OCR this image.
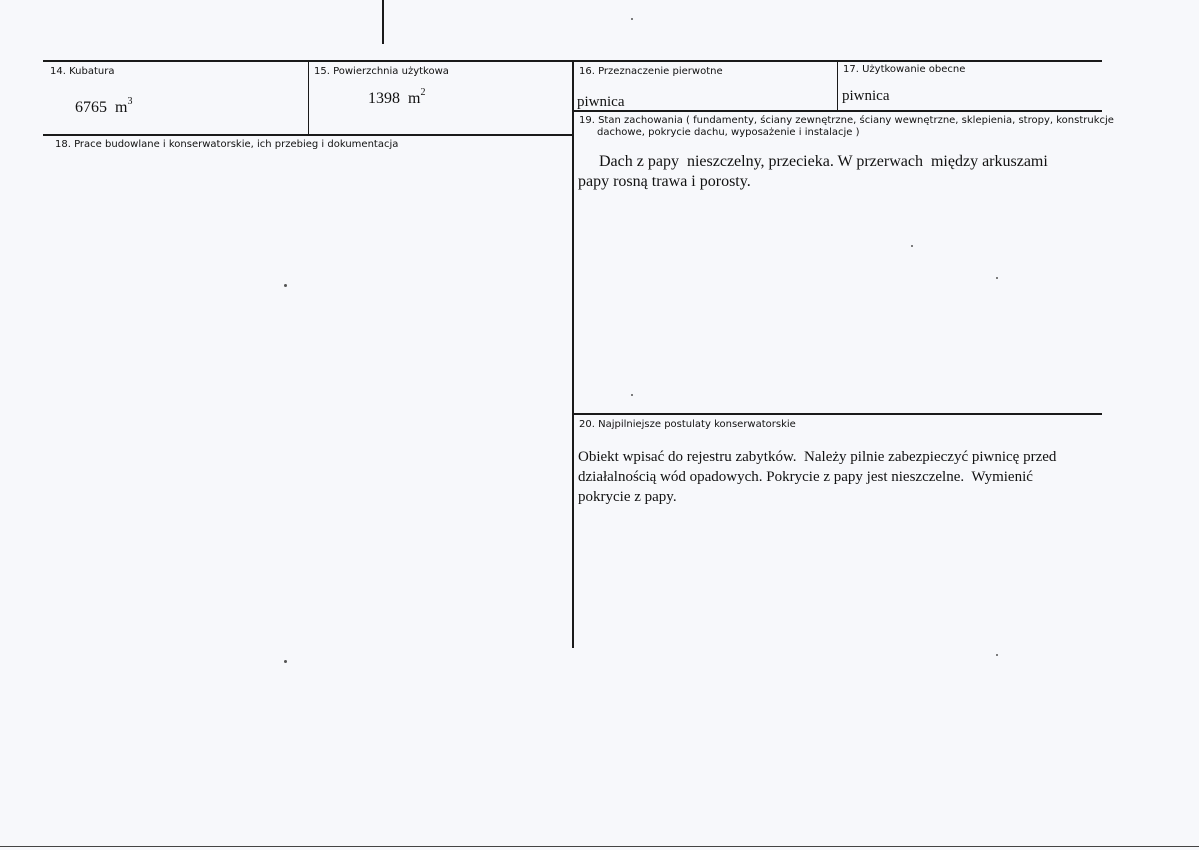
14. Kubatura
6765 $m^3$
15. Powierzchnia użytkowa
1398 $m^2$
16. Przeznaczenie pierwotne
piwnica
17. Użytkowanie obecne
piwnica
18. Prace budowlane i konserwatorskie, ich przebieg i dokumentacja
19. Stan zachowania ( fundamenty, ściany zewnętrzne, ściany wewnętrzne, sklepienia, stropy, konstrukcje
dachowe, pokrycie dachu, wyposażenie i instalacje )
Dach z papy  nieszczelny, przecieka. W przerwach  między arkuszami
papy rosną trawa i porosty.
20. Najpilniejsze postulaty konserwatorskie
Obiekt wpisać do rejestru zabytków.  Należy pilnie zabezpieczyć piwnicę przed
działalnością wód opadowych. Pokrycie z papy jest nieszczelne.  Wymienić
pokrycie z papy.
